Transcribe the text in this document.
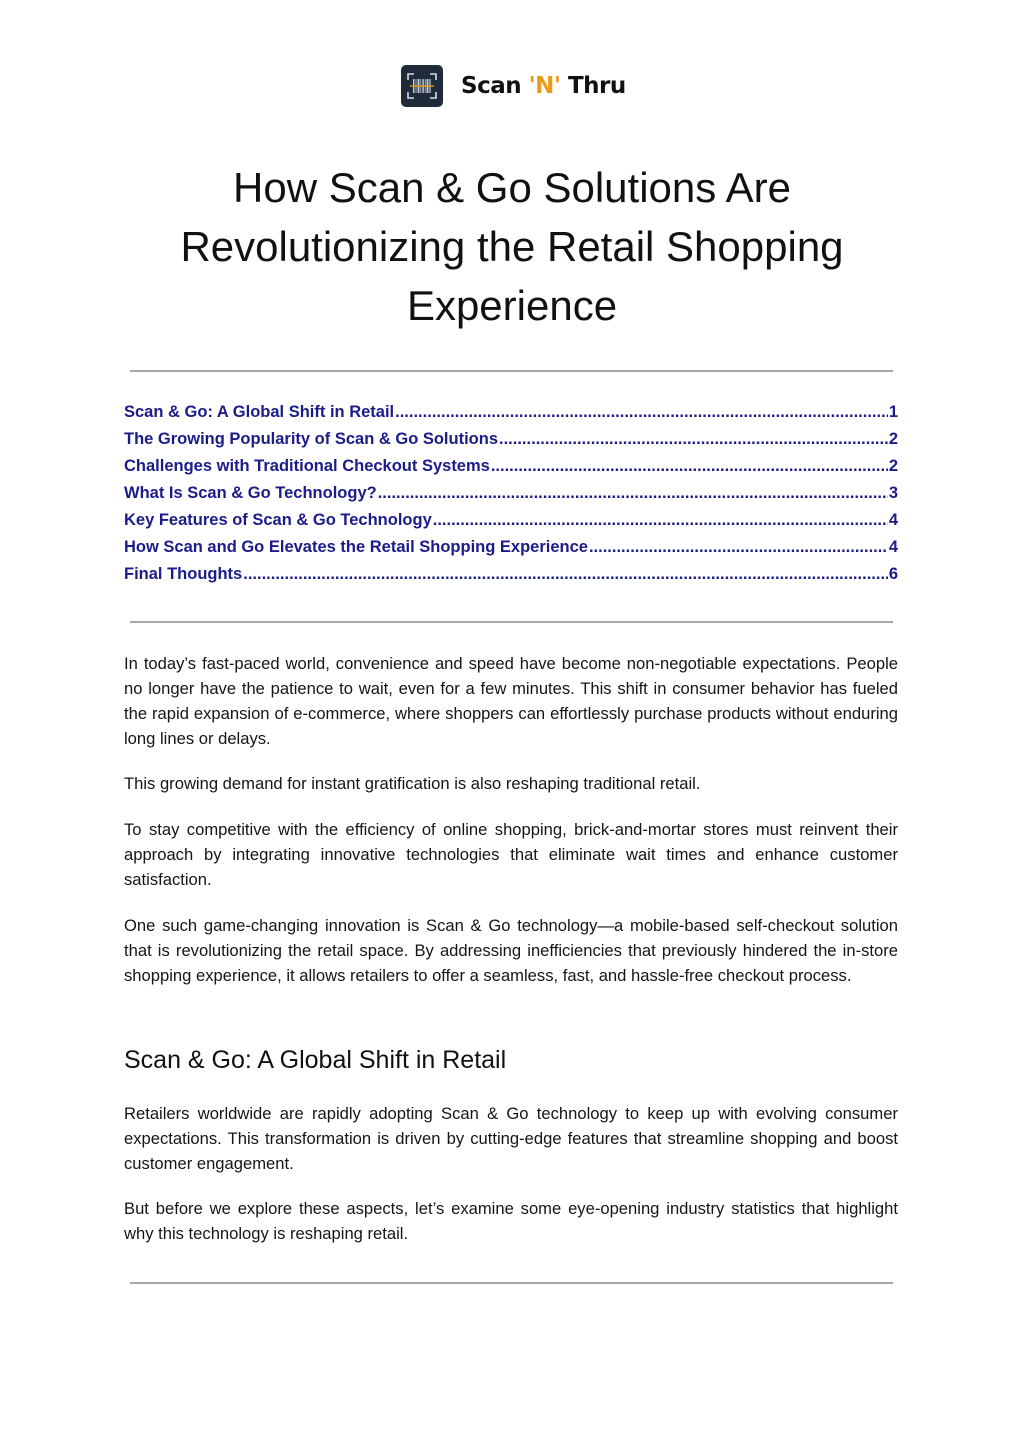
Scan 'N' Thru
How Scan & Go Solutions Are Revolutionizing the Retail Shopping Experience
Scan & Go: A Global Shift in Retail .....	1
The Growing Popularity of Scan & Go Solutions .....	2
Challenges with Traditional Checkout Systems .....	2
What Is Scan & Go Technology? .....	3
Key Features of Scan & Go Technology .....	4
How Scan and Go Elevates the Retail Shopping Experience .....	4
Final Thoughts .....	6

In today’s fast-paced world, convenience and speed have become non-negotiable expectations. People no longer have the patience to wait, even for a few minutes. This shift in consumer behavior has fueled the rapid expansion of e-commerce, where shoppers can effortlessly purchase products without enduring long lines or delays.

This growing demand for instant gratification is also reshaping traditional retail.

To stay competitive with the efficiency of online shopping, brick-and-mortar stores must reinvent their approach by integrating innovative technologies that eliminate wait times and enhance customer satisfaction.

One such game-changing innovation is Scan & Go technology—a mobile-based self-checkout solution that is revolutionizing the retail space. By addressing inefficiencies that previously hindered the in-store shopping experience, it allows retailers to offer a seamless, fast, and hassle-free checkout process.

Scan & Go: A Global Shift in Retail

Retailers worldwide are rapidly adopting Scan & Go technology to keep up with evolving consumer expectations. This transformation is driven by cutting-edge features that streamline shopping and boost customer engagement.

But before we explore these aspects, let’s examine some eye-opening industry statistics that highlight why this technology is reshaping retail.
